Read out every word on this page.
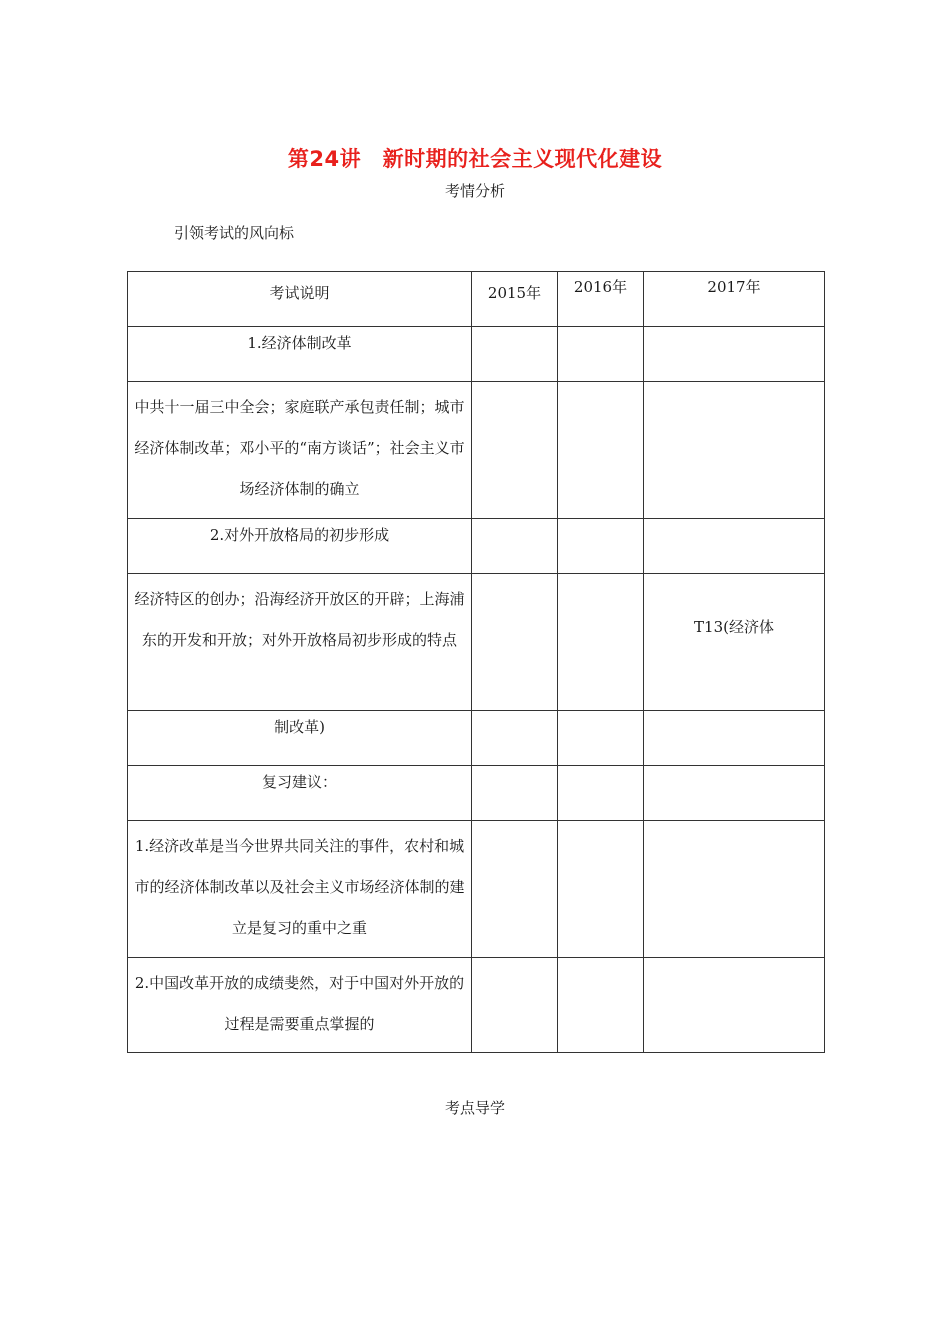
第24讲　新时期的社会主义现代化建设
考情分析
引领考试的风向标
考试说明	2015年	2016年	2017年

1.经济体制改革			

中共十一届三中全会；家庭联产承包责任制；城市经济体制改革；邓小平的“南方谈话”；社会主义市场经济体制的确立			

2.对外开放格局的初步形成			

经济特区的创办；沿海经济开放区的开辟；上海浦东的开发和开放；对外开放格局初步形成的特点			T13(经济体

制改革)			

复习建议：			

1.经济改革是当今世界共同关注的事件，农村和城市的经济体制改革以及社会主义市场经济体制的建立是复习的重中之重			

2.中国改革开放的成绩斐然，对于中国对外开放的过程是需要重点掌握的			

考点导学
